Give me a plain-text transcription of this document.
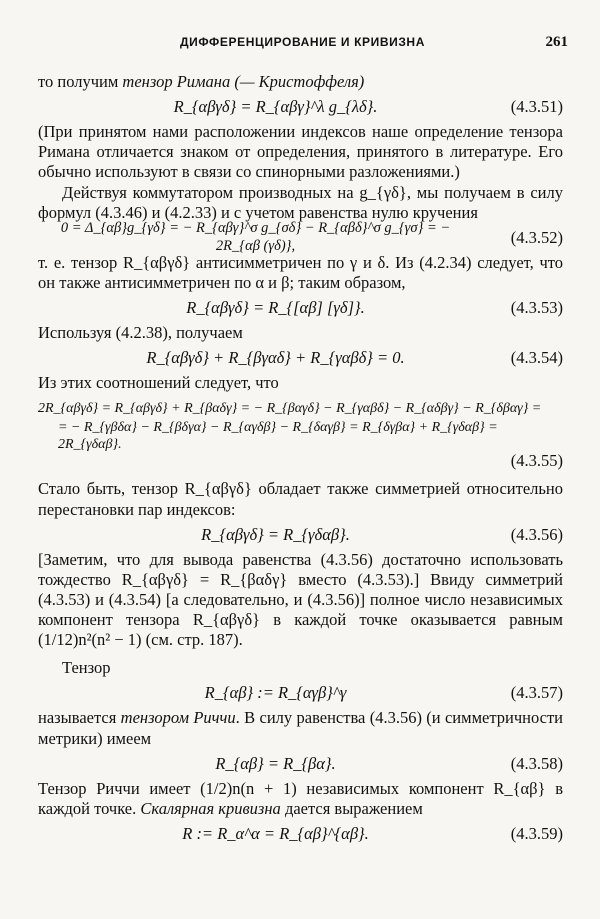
ДИФФЕРЕНЦИРОВАНИЕ И КРИВИЗНА	261

то получим тензор Римана (— Кристоффеля)

R_{αβγδ} = R_{αβγ}^λ g_{λδ}.	(4.3.51)

(При принятом нами расположении индексов наше определение тензора Римана отличается знаком от определения, принятого в литературе. Его обычно используют в связи со спинорными разложениями.)

Действуя коммутатором производных на g_{γδ}, мы получаем в силу формул (4.3.46) и (4.2.33) и с учетом равенства нулю кручения

0 = Δ_{αβ}g_{γδ} = − R_{αβγ}^σ g_{σδ} − R_{αβδ}^σ g_{γσ} = − 2R_{αβ (γδ)},	(4.3.52)

т. е. тензор R_{αβγδ} антисимметричен по γ и δ. Из (4.2.34) следует, что он также антисимметричен по α и β; таким образом,

R_{αβγδ} = R_{[αβ] [γδ]}.	(4.3.53)

Используя (4.2.38), получаем

R_{αβγδ} + R_{βγαδ} + R_{γαβδ} = 0.	(4.3.54)

Из этих соотношений следует, что

2R_{αβγδ} = R_{αβγδ} + R_{βαδγ} = − R_{βαγδ} − R_{γαβδ} − R_{αδβγ} − R_{δβαγ} =
= − R_{γβδα} − R_{βδγα} − R_{αγδβ} − R_{δαγβ} = R_{δγβα} + R_{γδαβ} = 2R_{γδαβ}.
(4.3.55)

Стало быть, тензор R_{αβγδ} обладает также симметрией относительно перестановки пар индексов:

R_{αβγδ} = R_{γδαβ}.	(4.3.56)

[Заметим, что для вывода равенства (4.3.56) достаточно использовать тождество R_{αβγδ} = R_{βαδγ} вместо (4.3.53).] Ввиду симметрий (4.3.53) и (4.3.54) [а следовательно, и (4.3.56)] полное число независимых компонент тензора R_{αβγδ} в каждой точке оказывается равным (1/12)n²(n² − 1) (см. стр. 187).

Тензор

R_{αβ} := R_{αγβ}^γ	(4.3.57)

называется тензором Риччи. В силу равенства (4.3.56) (и симметричности метрики) имеем

R_{αβ} = R_{βα}.	(4.3.58)

Тензор Риччи имеет (1/2)n(n + 1) независимых компонент R_{αβ} в каждой точке. Скалярная кривизна дается выражением

R := R_α^α = R_{αβ}^{αβ}.	(4.3.59)
